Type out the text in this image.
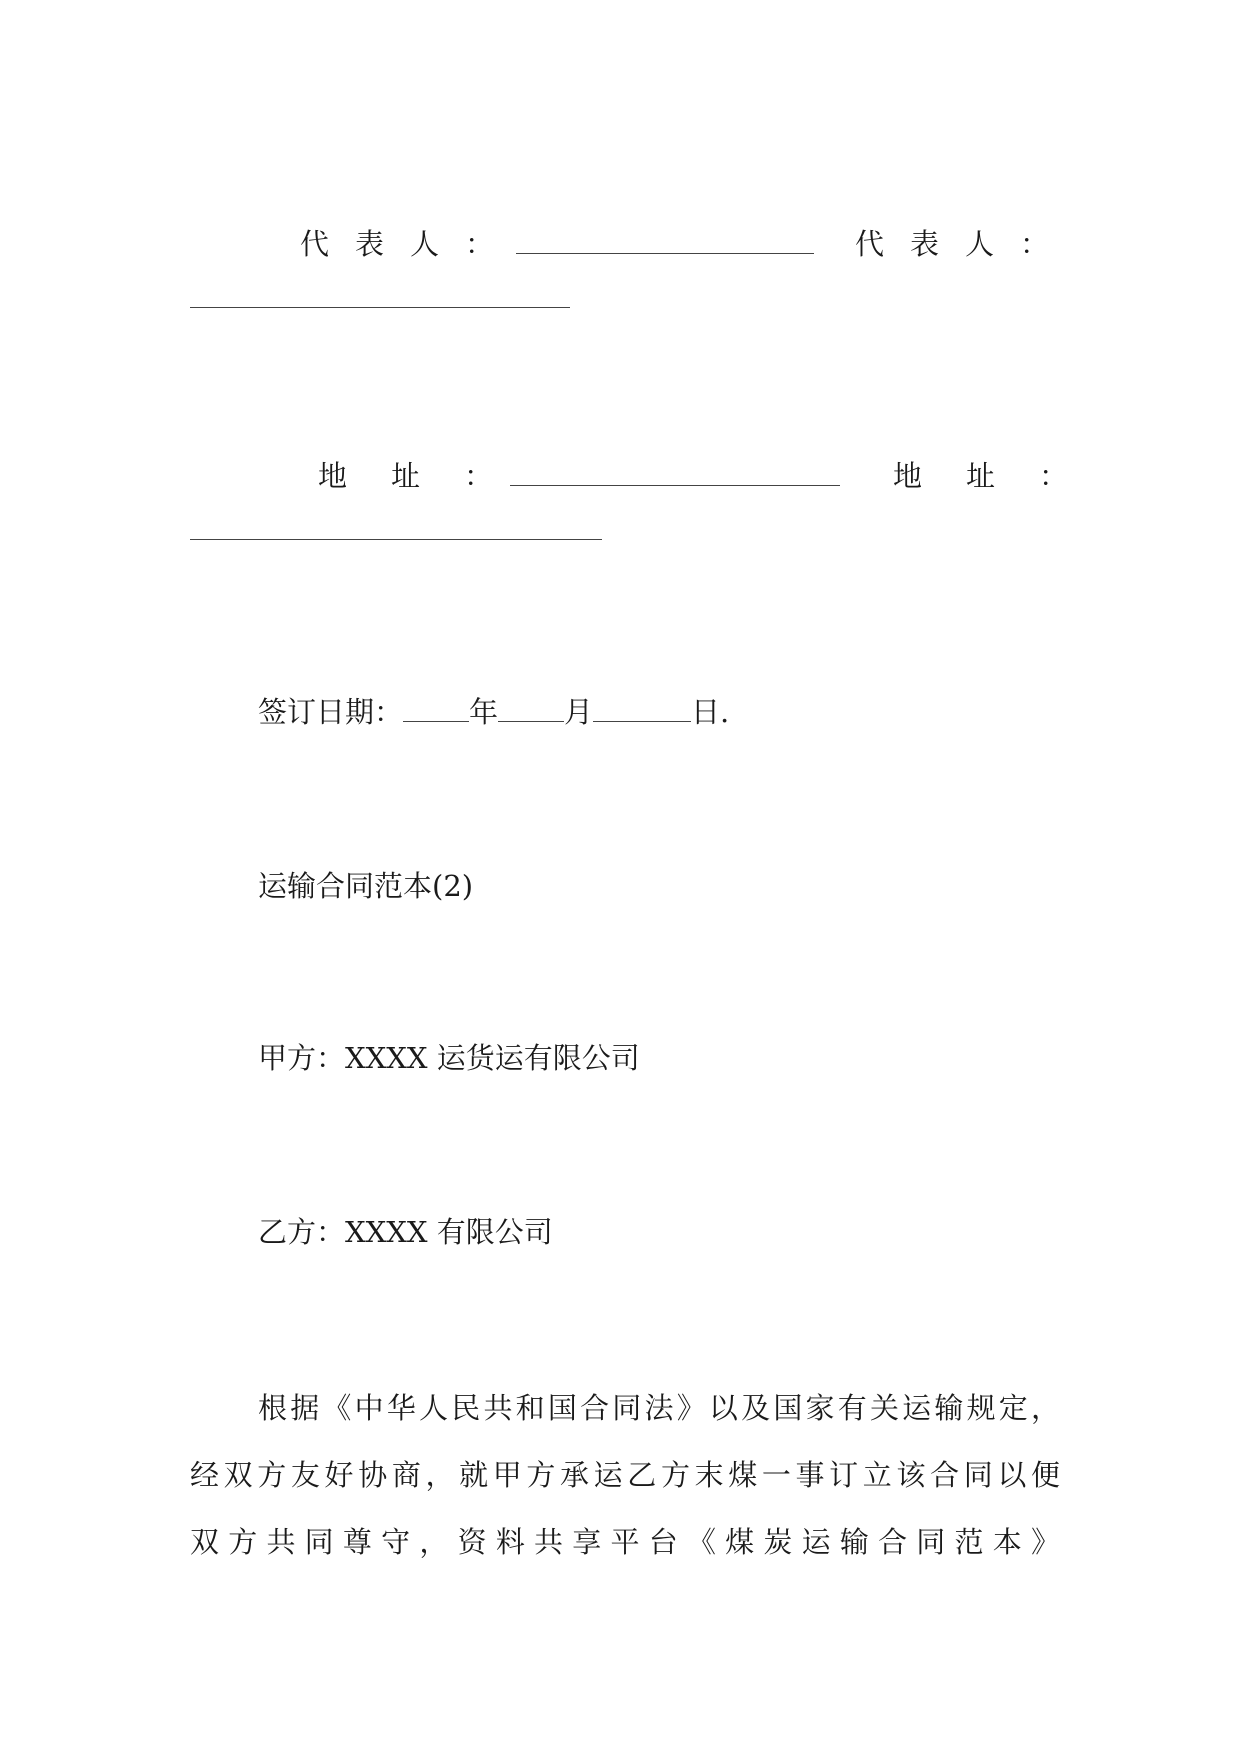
代表人：	代表人：
地址：	地址：
签订日期： 年 月	日.
运输合同范本(2)
甲方：XXXX 运货运有限公司
乙方：XXXX 有限公司
根据《中华人民共和国合同法》以及国家有关运输规定，
经双方友好协商，就甲方承运乙方末煤一事订立该合同以便
双方共同尊守，资料共享平台《煤炭运输合同范本》
